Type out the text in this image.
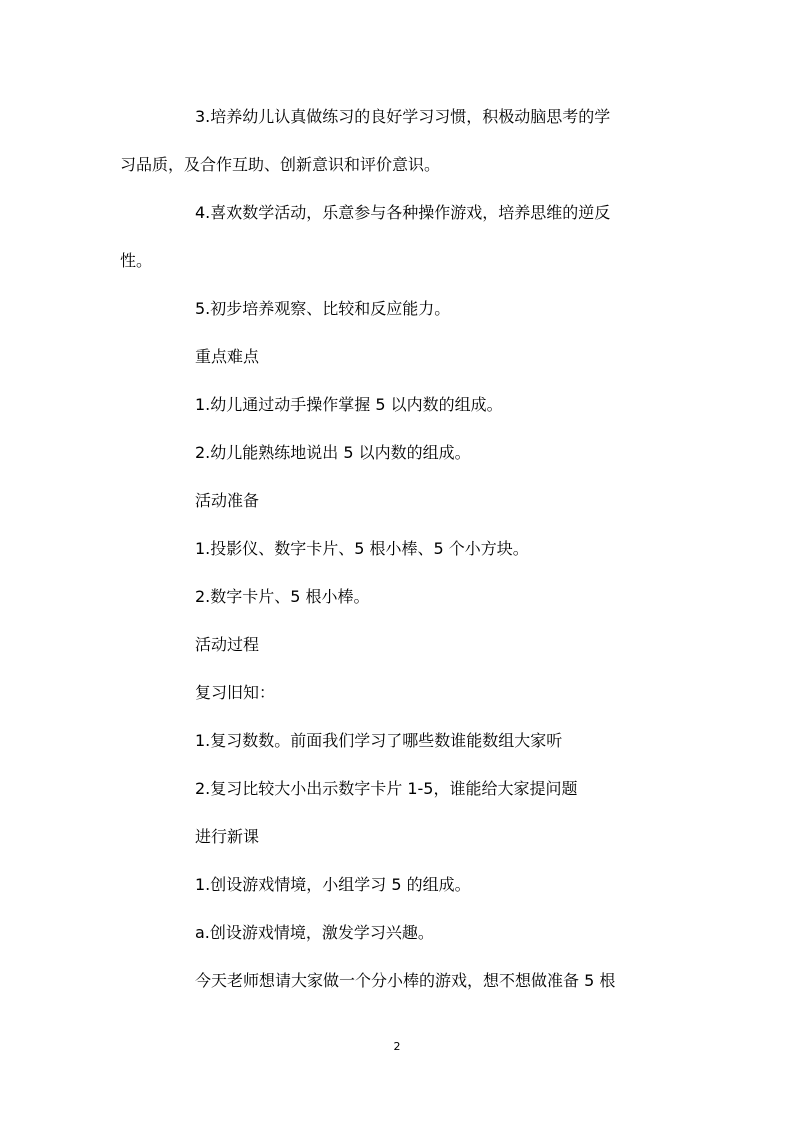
3.培养幼儿认真做练习的良好学习习惯，积极动脑思考的学

习品质，及合作互助、创新意识和评价意识。

4.喜欢数学活动，乐意参与各种操作游戏，培养思维的逆反

性。

5.初步培养观察、比较和反应能力。

重点难点

1.幼儿通过动手操作掌握 5 以内数的组成。

2.幼儿能熟练地说出 5 以内数的组成。

活动准备

1.投影仪、数字卡片、5 根小棒、5 个小方块。

2.数字卡片、5 根小棒。

活动过程

复习旧知：

1.复习数数。前面我们学习了哪些数谁能数组大家听

2.复习比较大小出示数字卡片 1-5，谁能给大家提问题

进行新课

1.创设游戏情境，小组学习 5 的组成。

a.创设游戏情境，激发学习兴趣。

今天老师想请大家做一个分小棒的游戏，想不想做准备 5 根

2
